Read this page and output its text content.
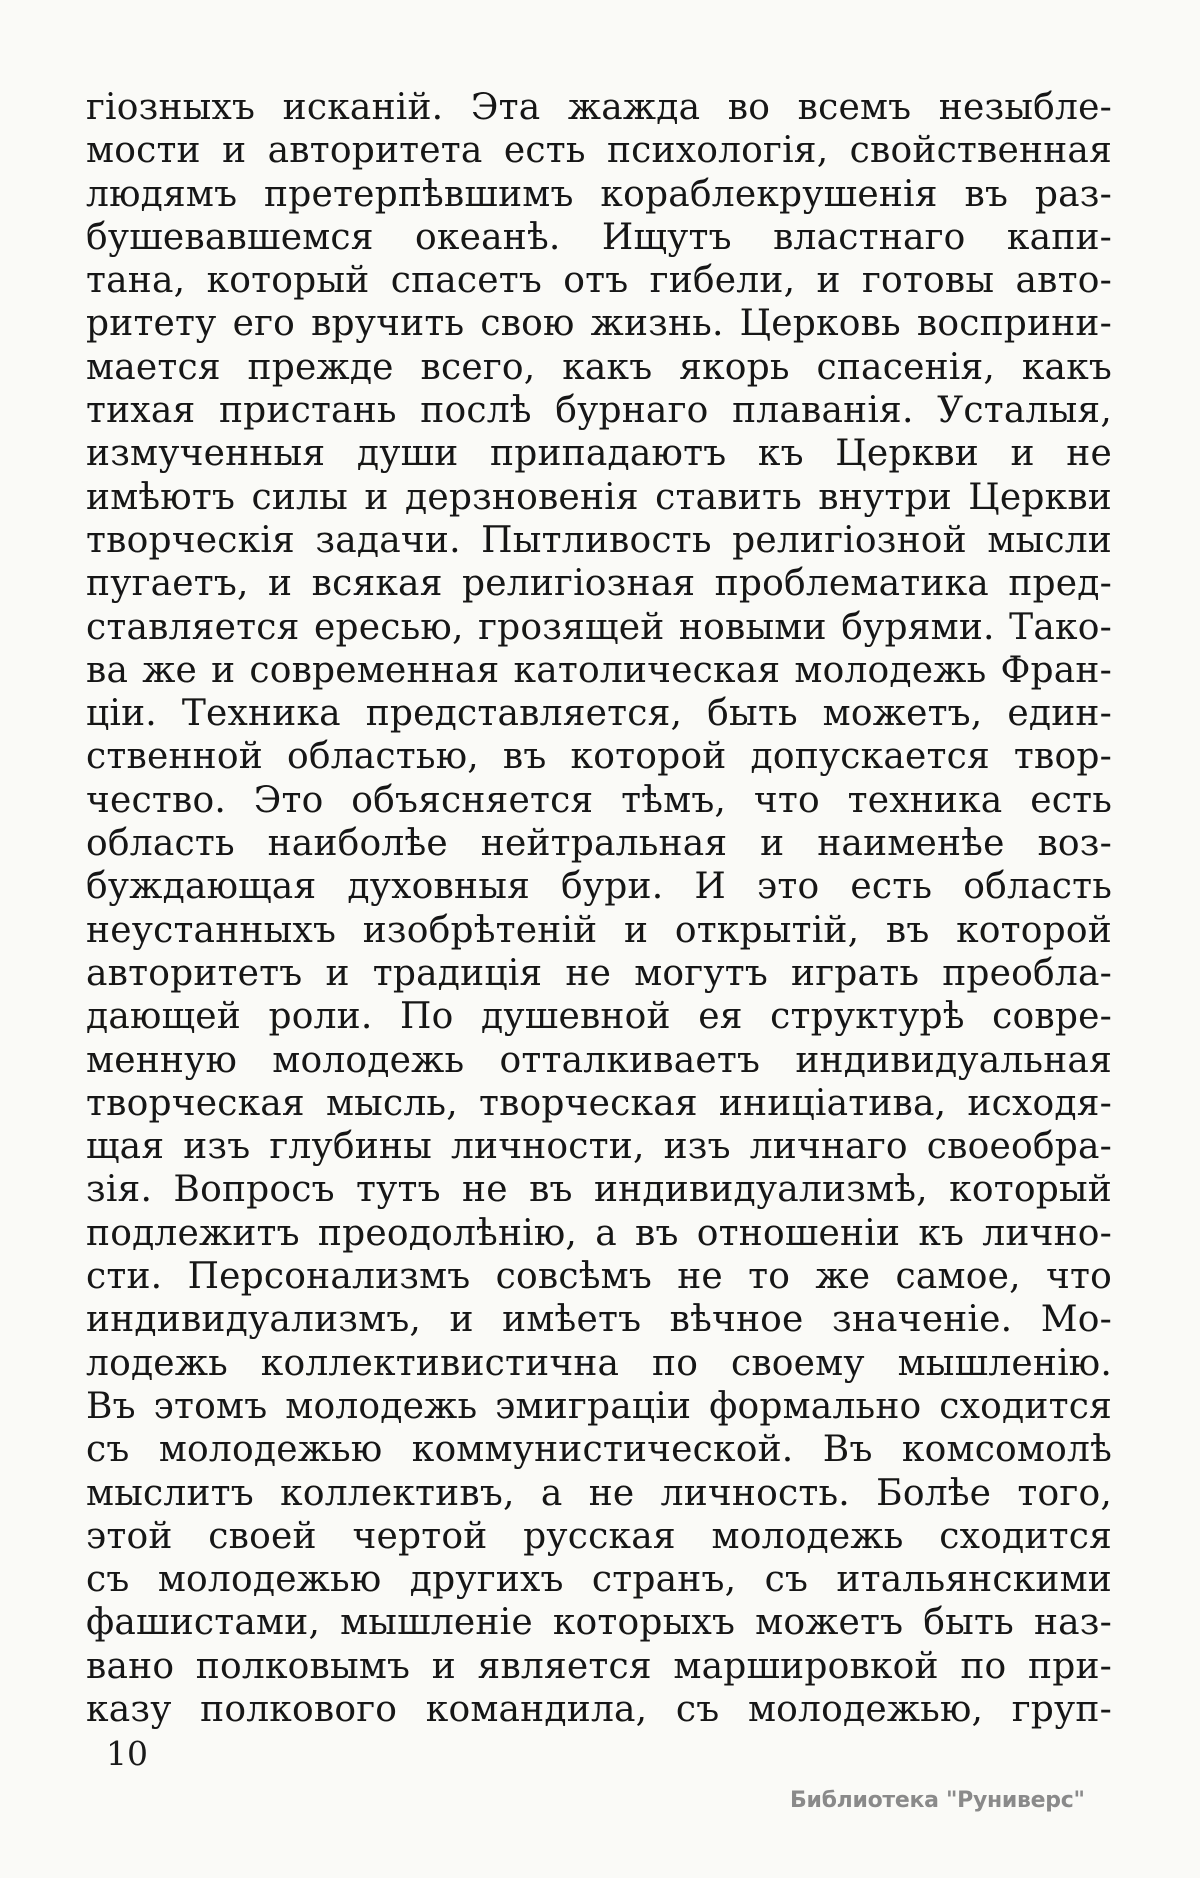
гіозныхъ исканій. Эта жажда во всемъ незыбле-
мости и авторитета есть психологія, свойственная
людямъ претерпѣвшимъ кораблекрушенія въ раз-
бушевавшемся океанѣ. Ищутъ властнаго капи-
тана, который спасетъ отъ гибели, и готовы авто-
ритету его вручить свою жизнь. Церковь восприни-
мается прежде всего, какъ якорь спасенія, какъ
тихая пристань послѣ бурнаго плаванія. Усталыя,
измученныя души припадаютъ къ Церкви и не
имѣютъ силы и дерзновенія ставить внутри Церкви
творческія задачи. Пытливость религіозной мысли
пугаетъ, и всякая религіозная проблематика пред-
ставляется ересью, грозящей новыми бурями. Тако-
ва же и современная католическая молодежь Фран-
ціи. Техника представляется, быть можетъ, един-
ственной областью, въ которой допускается твор-
чество. Это объясняется тѣмъ, что техника есть
область наиболѣе нейтральная и наименѣе воз-
буждающая духовныя бури. И это есть область
неустанныхъ изобрѣтеній и открытій, въ которой
авторитетъ и традиція не могутъ играть преобла-
дающей роли. По душевной ея структурѣ совре-
менную молодежь отталкиваетъ индивидуальная
творческая мысль, творческая иниціатива, исходя-
щая изъ глубины личности, изъ личнаго своеобра-
зія. Вопросъ тутъ не въ индивидуализмѣ, который
подлежитъ преодолѣнію, а въ отношеніи къ лично-
сти. Персонализмъ совсѣмъ не то же самое, что
индивидуализмъ, и имѣетъ вѣчное значеніе. Мо-
лодежь коллективистична по своему мышленію.
Въ этомъ молодежь эмиграціи формально сходится
съ молодежью коммунистической. Въ комсомолѣ
мыслитъ коллективъ, а не личность. Болѣе того,
этой своей чертой русская молодежь сходится
съ молодежью другихъ странъ, съ итальянскими
фашистами, мышленіе которыхъ можетъ быть наз-
вано полковымъ и является маршировкой по при-
казу полкового командила, съ молодежью, груп-
10
Библиотека "Руниверс"
